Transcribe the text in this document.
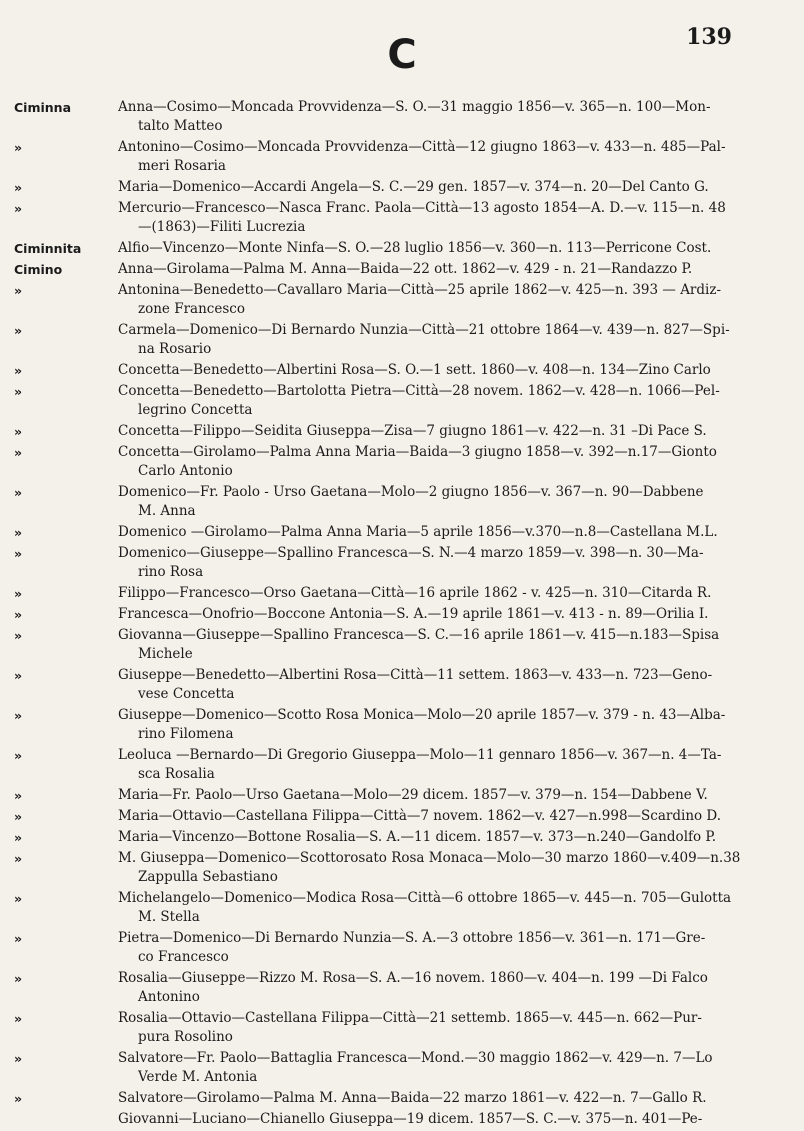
139
C
Ciminna	Anna—Cosimo—Moncada Provvidenza—S. O.—31 maggio 1856—v. 365—n. 100—Mon-
talto Matteo
»	Antonino—Cosimo—Moncada Provvidenza—Città—12 giugno 1863—v. 433—n. 485—Pal-
meri Rosaria
»	Maria—Domenico—Accardi Angela—S. C.—29 gen. 1857—v. 374—n. 20—Del Canto G.
»	Mercurio—Francesco—Nasca Franc. Paola—Città—13 agosto 1854—A. D.—v. 115—n. 48
—(1863)—Filiti Lucrezia
Ciminnita	Alfio—Vincenzo—Monte Ninfa—S. O.—28 luglio 1856—v. 360—n. 113—Perricone Cost.
Cimino	Anna—Girolama—Palma M. Anna—Baida—22 ott. 1862—v. 429 - n. 21—Randazzo P.
»	Antonina—Benedetto—Cavallaro Maria—Città—25 aprile 1862—v. 425—n. 393 — Ardiz-
zone Francesco
»	Carmela—Domenico—Di Bernardo Nunzia—Città—21 ottobre 1864—v. 439—n. 827—Spi-
na Rosario
»	Concetta—Benedetto—Albertini Rosa—S. O.—1 sett. 1860—v. 408—n. 134—Zino Carlo
»	Concetta—Benedetto—Bartolotta Pietra—Città—28 novem. 1862—v. 428—n. 1066—Pel-
legrino Concetta
»	Concetta—Filippo—Seidita Giuseppa—Zisa—7 giugno 1861—v. 422—n. 31 –Di Pace S.
»	Concetta—Girolamo—Palma Anna Maria—Baida—3 giugno 1858—v. 392—n.17—Gionto
Carlo Antonio
»	Domenico—Fr. Paolo - Urso Gaetana—Molo—2 giugno 1856—v. 367—n. 90—Dabbene
M. Anna
»	Domenico —Girolamo—Palma Anna Maria—5 aprile 1856—v.370—n.8—Castellana M.L.
»	Domenico—Giuseppe—Spallino Francesca—S. N.—4 marzo 1859—v. 398—n. 30—Ma-
rino Rosa
»	Filippo—Francesco—Orso Gaetana—Città—16 aprile 1862 - v. 425—n. 310—Citarda R.
»	Francesca—Onofrio—Boccone Antonia—S. A.—19 aprile 1861—v. 413 - n. 89—Orilia I.
»	Giovanna—Giuseppe—Spallino Francesca—S. C.—16 aprile 1861—v. 415—n.183—Spisa
Michele
»	Giuseppe—Benedetto—Albertini Rosa—Città—11 settem. 1863—v. 433—n. 723—Geno-
vese Concetta
»	Giuseppe—Domenico—Scotto Rosa Monica—Molo—20 aprile 1857—v. 379 - n. 43—Alba-
rino Filomena
»	Leoluca —Bernardo—Di Gregorio Giuseppa—Molo—11 gennaro 1856—v. 367—n. 4—Ta-
sca Rosalia
»	Maria—Fr. Paolo—Urso Gaetana—Molo—29 dicem. 1857—v. 379—n. 154—Dabbene V.
»	Maria—Ottavio—Castellana Filippa—Città—7 novem. 1862—v. 427—n.998—Scardino D.
»	Maria—Vincenzo—Bottone Rosalia—S. A.—11 dicem. 1857—v. 373—n.240—Gandolfo P.
»	M. Giuseppa—Domenico—Scottorosato Rosa Monaca—Molo—30 marzo 1860—v.409—n.38
Zappulla Sebastiano
»	Michelangelo—Domenico—Modica Rosa—Città—6 ottobre 1865—v. 445—n. 705—Gulotta
M. Stella
»	Pietra—Domenico—Di Bernardo Nunzia—S. A.—3 ottobre 1856—v. 361—n. 171—Gre-
co Francesco
»	Rosalia—Giuseppe—Rizzo M. Rosa—S. A.—16 novem. 1860—v. 404—n. 199 —Di Falco
Antonino
»	Rosalia—Ottavio—Castellana Filippa—Città—21 settemb. 1865—v. 445—n. 662—Pur-
pura Rosolino
»	Salvatore—Fr. Paolo—Battaglia Francesca—Mond.—30 maggio 1862—v. 429—n. 7—Lo
Verde M. Antonia
»	Salvatore—Girolamo—Palma M. Anna—Baida—22 marzo 1861—v. 422—n. 7—Gallo R.
Giovanni—Luciano—Chianello Giuseppa—19 dicem. 1857—S. C.—v. 375—n. 401—Pe-
